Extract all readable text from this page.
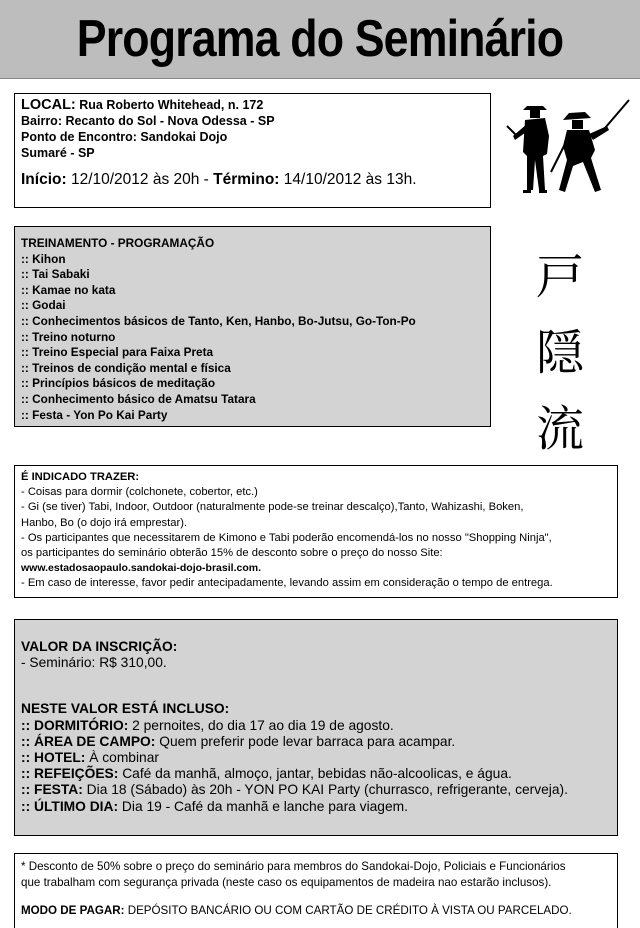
Programa do Seminário
LOCAL: Rua Roberto Whitehead, n. 172
Bairro: Recanto do Sol - Nova Odessa - SP
Ponto de Encontro: Sandokai Dojo
Sumaré - SP
Início: 12/10/2012 às 20h - Término: 14/10/2012 às 13h.
TREINAMENTO - PROGRAMAÇÃO
:: Kihon
:: Tai Sabaki
:: Kamae no kata
:: Godai
:: Conhecimentos básicos de Tanto, Ken, Hanbo, Bo-Jutsu, Go-Ton-Po
:: Treino noturno
:: Treino Especial para Faixa Preta
:: Treinos de condição mental e física
:: Princípios básicos de meditação
:: Conhecimento básico de Amatsu Tatara
:: Festa - Yon Po Kai Party
戸
隠
流
É INDICADO TRAZER:
- Coisas para dormir (colchonete, cobertor, etc.)
- Gi (se tiver) Tabi, Indoor, Outdoor (naturalmente pode-se treinar descalço),Tanto, Wahizashi, Boken,
Hanbo, Bo (o dojo irá emprestar).
- Os participantes que necessitarem de Kimono e Tabi poderão encomendá-los no nosso "Shopping Ninja",
os participantes do seminário obterão 15% de desconto sobre o preço do nosso Site:
www.estadosaopaulo.sandokai-dojo-brasil.com.
- Em caso de interesse, favor pedir antecipadamente, levando assim em consideração o tempo de entrega.
VALOR DA INSCRIÇÃO:
- Seminário: R$ 310,00.
NESTE VALOR ESTÁ INCLUSO:
:: DORMITÓRIO: 2 pernoites, do dia 17 ao dia 19 de agosto.
:: ÁREA DE CAMPO: Quem preferir pode levar barraca para acampar.
:: HOTEL: À combinar
:: REFEIÇÕES: Café da manhã, almoço, jantar, bebidas não-alcoolicas, e água.
:: FESTA: Dia 18 (Sábado) às 20h - YON PO KAI Party (churrasco, refrigerante, cerveja).
:: ÚLTIMO DIA: Dia 19 - Café da manhã e lanche para viagem.
* Desconto de 50% sobre o preço do seminário para membros do Sandokai-Dojo, Policiais e Funcionários
que trabalham com segurança privada (neste caso os equipamentos de madeira nao estarão inclusos).
MODO DE PAGAR: DEPÓSITO BANCÁRIO OU COM CARTÃO DE CRÉDITO À VISTA OU PARCELADO.
